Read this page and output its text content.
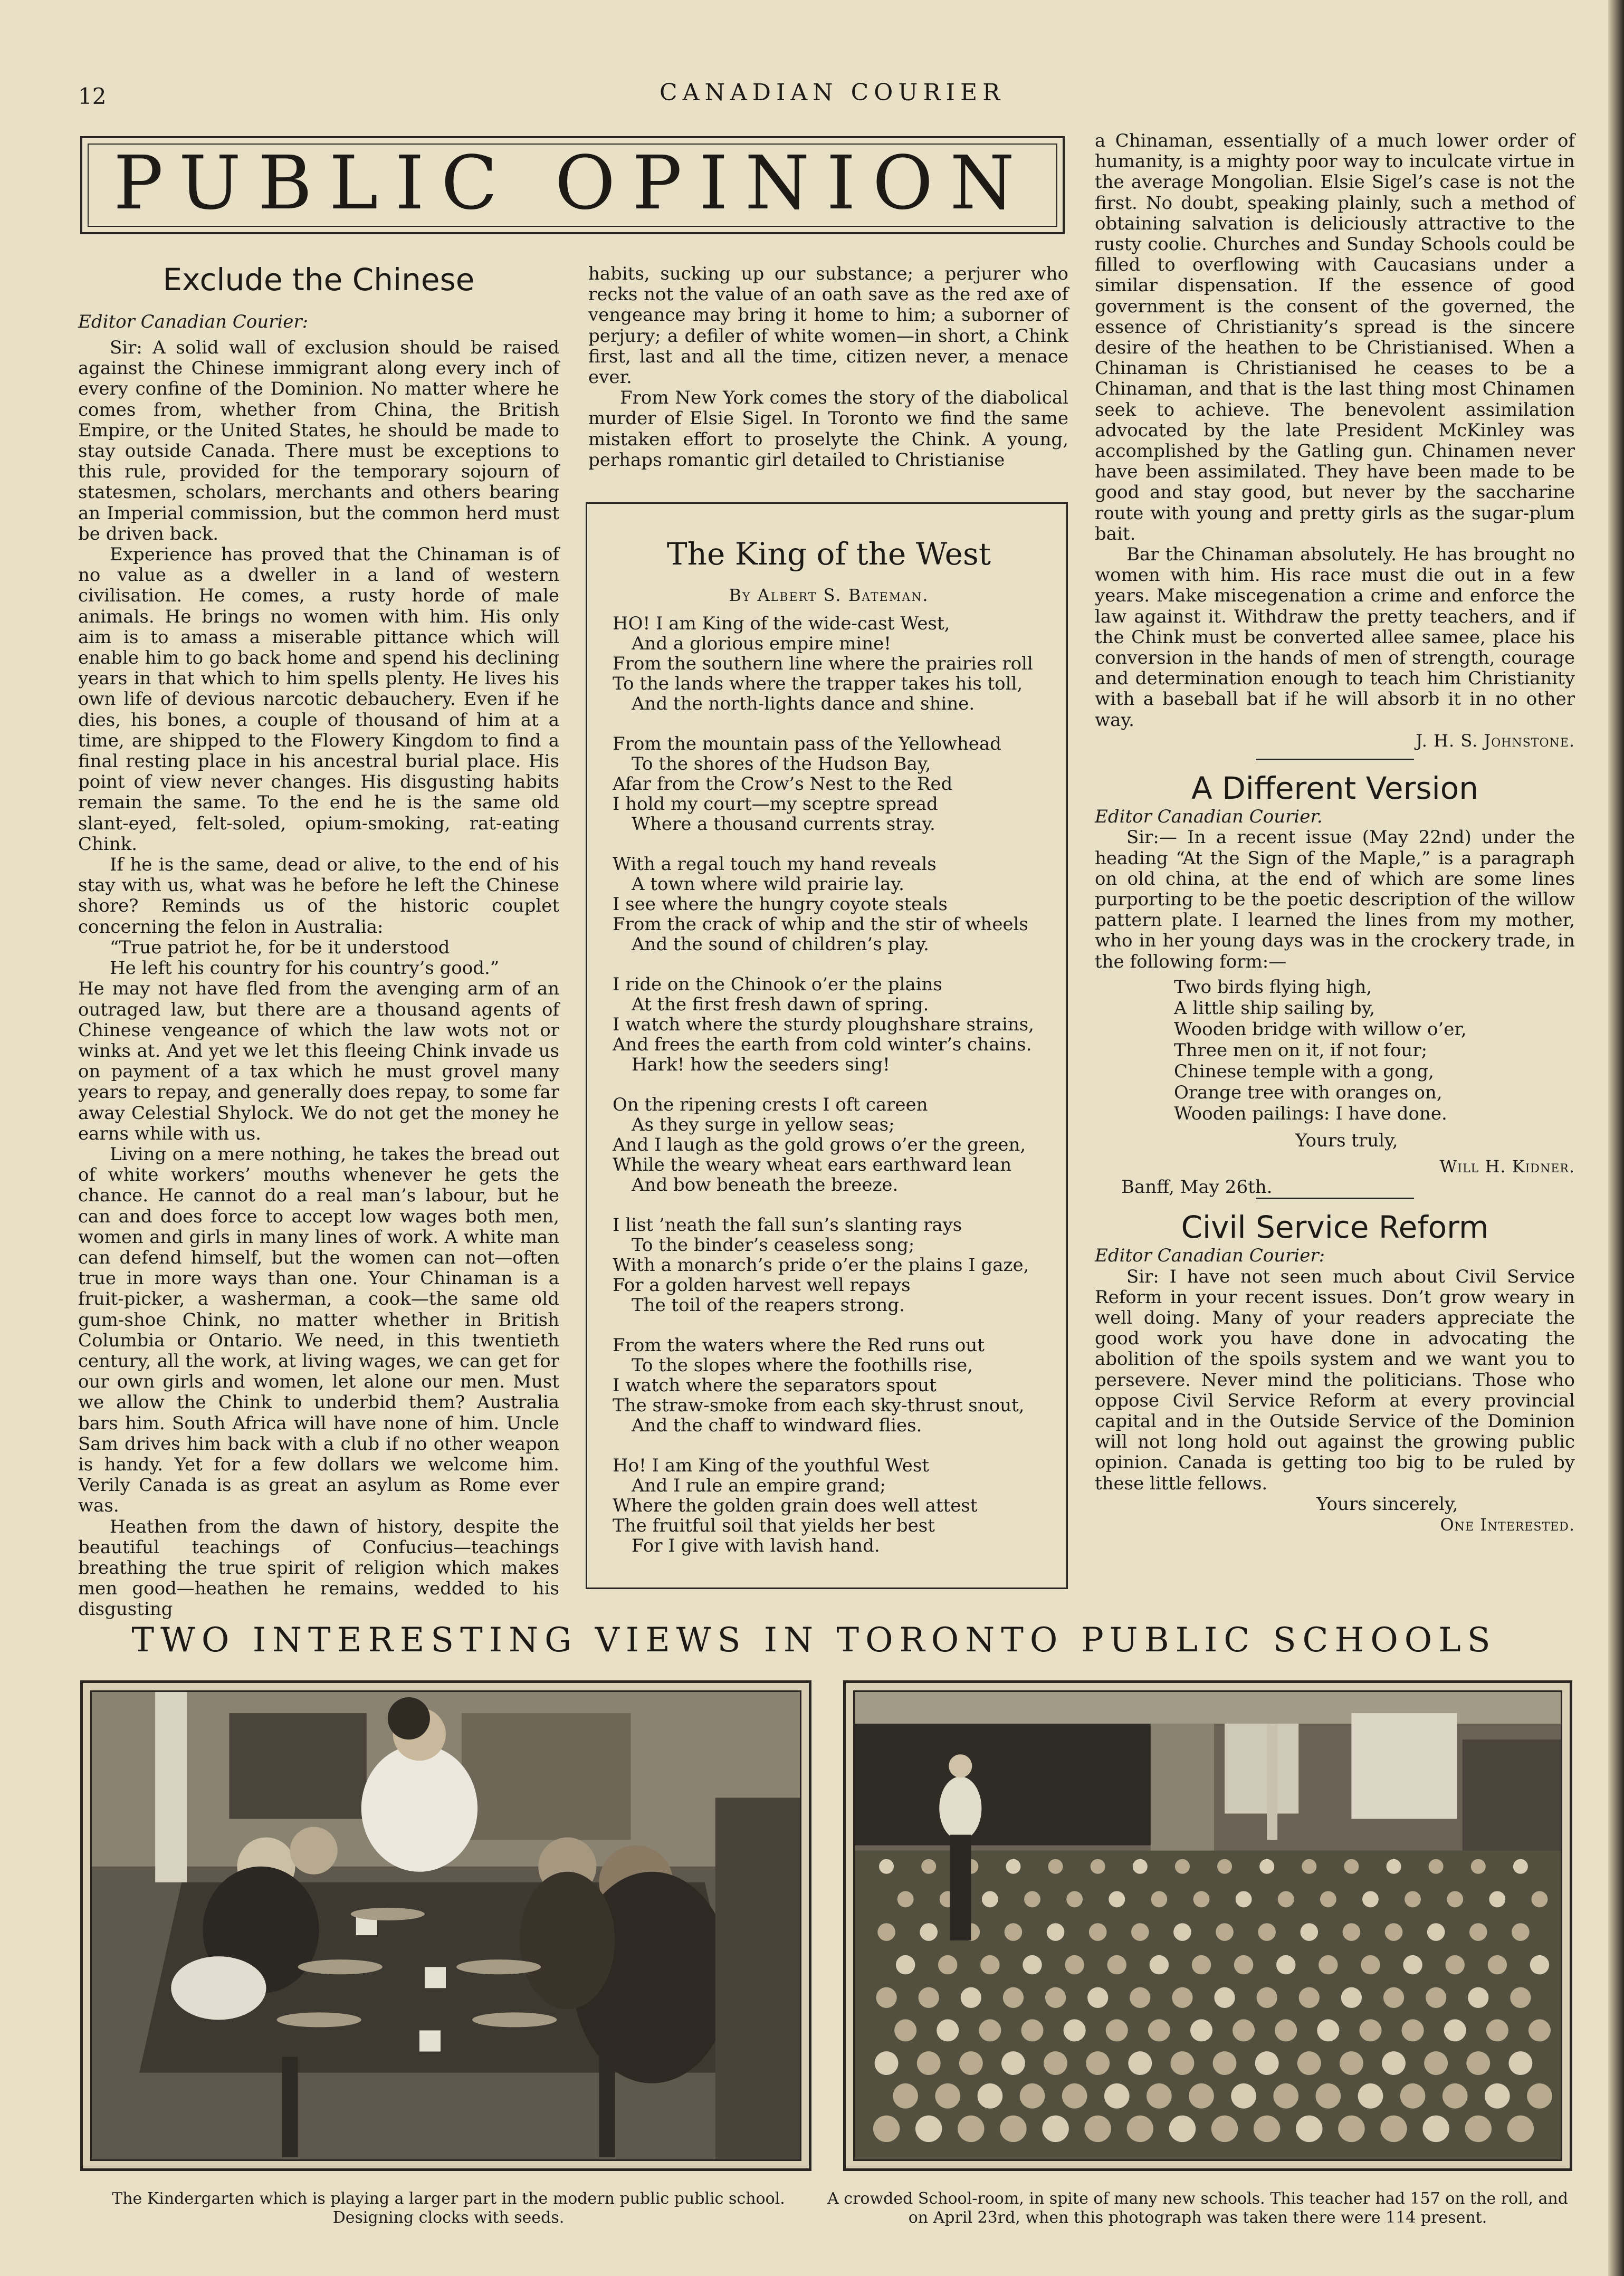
12	CANADIAN COURIER
PUBLIC OPINION
Exclude the Chinese
Editor Canadian Courier:

Sir: A solid wall of exclusion should be raised against the Chinese immigrant along every inch of every confine of the Dominion. No matter where he comes from, whether from China, the British Empire, or the United States, he should be made to stay outside Canada. There must be exceptions to this rule, provided for the temporary sojourn of statesmen, scholars, merchants and others bearing an Imperial commission, but the common herd must be driven back.

Experience has proved that the Chinaman is of no value as a dweller in a land of western civilisation. He comes, a rusty horde of male animals. He brings no women with him. His only aim is to amass a miserable pittance which will enable him to go back home and spend his declining years in that which to him spells plenty. He lives his own life of devious narcotic debauchery. Even if he dies, his bones, a couple of thousand of him at a time, are shipped to the Flowery Kingdom to find a final resting place in his ancestral burial place. His point of view never changes. His disgusting habits remain the same. To the end he is the same old slant-eyed, felt-soled, opium-smoking, rat-eating Chink.

If he is the same, dead or alive, to the end of his stay with us, what was he before he left the Chinese shore? Reminds us of the historic couplet concerning the felon in Australia:

“True patriot he, for be it understood

He left his country for his country’s good.”

He may not have fled from the avenging arm of an outraged law, but there are a thousand agents of Chinese vengeance of which the law wots not or winks at. And yet we let this fleeing Chink invade us on payment of a tax which he must grovel many years to repay, and generally does repay, to some far away Celestial Shylock. We do not get the money he earns while with us.

Living on a mere nothing, he takes the bread out of white workers’ mouths whenever he gets the chance. He cannot do a real man’s labour, but he can and does force to accept low wages both men, women and girls in many lines of work. A white man can defend himself, but the women can not—often true in more ways than one. Your Chinaman is a fruit-picker, a washerman, a cook—the same old gum-shoe Chink, no matter whether in British Columbia or Ontario. We need, in this twentieth century, all the work, at living wages, we can get for our own girls and women, let alone our men. Must we allow the Chink to underbid them? Australia bars him. South Africa will have none of him. Uncle Sam drives him back with a club if no other weapon is handy. Yet for a few dollars we welcome him. Verily Canada is as great an asylum as Rome ever was.

Heathen from the dawn of history, despite the beautiful teachings of Confucius—teachings breathing the true spirit of religion which makes men good—heathen he remains, wedded to his disgusting

habits, sucking up our substance; a perjurer who recks not the value of an oath save as the red axe of vengeance may bring it home to him; a suborner of perjury; a defiler of white women—in short, a Chink first, last and all the time, citizen never, a menace ever.

From New York comes the story of the diabolical murder of Elsie Sigel. In Toronto we find the same mistaken effort to proselyte the Chink. A young, perhaps romantic girl detailed to Christianise

The King of the West
By Albert S. Bateman.
HO! I am King of the wide-cast West,
And a glorious empire mine!
From the southern line where the prairies roll
To the lands where the trapper takes his toll,
And the north-lights dance and shine.
From the mountain pass of the Yellowhead
To the shores of the Hudson Bay,
Afar from the Crow’s Nest to the Red
I hold my court—my sceptre spread
Where a thousand currents stray.
With a regal touch my hand reveals
A town where wild prairie lay.
I see where the hungry coyote steals
From the crack of whip and the stir of wheels
And the sound of children’s play.
I ride on the Chinook o’er the plains
At the first fresh dawn of spring.
I watch where the sturdy ploughshare strains,
And frees the earth from cold winter’s chains.
Hark! how the seeders sing!
On the ripening crests I oft careen
As they surge in yellow seas;
And I laugh as the gold grows o’er the green,
While the weary wheat ears earthward lean
And bow beneath the breeze.
I list ’neath the fall sun’s slanting rays
To the binder’s ceaseless song;
With a monarch’s pride o’er the plains I gaze,
For a golden harvest well repays
The toil of the reapers strong.
From the waters where the Red runs out
To the slopes where the foothills rise,
I watch where the separators spout
The straw-smoke from each sky-thrust snout,
And the chaff to windward flies.
Ho! I am King of the youthful West
And I rule an empire grand;
Where the golden grain does well attest
The fruitful soil that yields her best
For I give with lavish hand.

a Chinaman, essentially of a much lower order of humanity, is a mighty poor way to inculcate virtue in the average Mongolian. Elsie Sigel’s case is not the first. No doubt, speaking plainly, such a method of obtaining salvation is deliciously attractive to the rusty coolie. Churches and Sunday Schools could be filled to overflowing with Caucasians under a similar dispensation. If the essence of good government is the consent of the governed, the essence of Christianity’s spread is the sincere desire of the heathen to be Christianised. When a Chinaman is Christianised he ceases to be a Chinaman, and that is the last thing most Chinamen seek to achieve. The benevolent assimilation advocated by the late President McKinley was accomplished by the Gatling gun. Chinamen never have been assimilated. They have been made to be good and stay good, but never by the saccharine route with young and pretty girls as the sugar-plum bait.

Bar the Chinaman absolutely. He has brought no women with him. His race must die out in a few years. Make miscegenation a crime and enforce the law against it. Withdraw the pretty teachers, and if the Chink must be converted allee samee, place his conversion in the hands of men of strength, courage and determination enough to teach him Christianity with a baseball bat if he will absorb it in no other way.

J. H. S. Johnstone.

A Different Version

Editor Canadian Courier.

Sir:— In a recent issue (May 22nd) under the heading “At the Sign of the Maple,” is a paragraph on old china, at the end of which are some lines purporting to be the poetic description of the willow pattern plate. I learned the lines from my mother, who in her young days was in the crockery trade, in the following form:—

Two birds flying high,
A little ship sailing by,
Wooden bridge with willow o’er,
Three men on it, if not four;
Chinese temple with a gong,
Orange tree with oranges on,
Wooden pailings: I have done.

Yours truly,

Will H. Kidner.

Banff, May 26th.

Civil Service Reform

Editor Canadian Courier:

Sir: I have not seen much about Civil Service Reform in your recent issues. Don’t grow weary in well doing. Many of your readers appreciate the good work you have done in advocating the abolition of the spoils system and we want you to persevere. Never mind the politicians. Those who oppose Civil Service Reform at every provincial capital and in the Outside Service of the Dominion will not long hold out against the growing public opinion. Canada is getting too big to be ruled by these little fellows.

Yours sincerely,

One Interested.

TWO INTERESTING VIEWS IN TORONTO PUBLIC SCHOOLS
The Kindergarten which is playing a larger part in the modern public public school. Designing clocks with seeds.
A crowded School-room, in spite of many new schools. This teacher had 157 on the roll, and on April 23rd, when this photograph was taken there were 114 present.
